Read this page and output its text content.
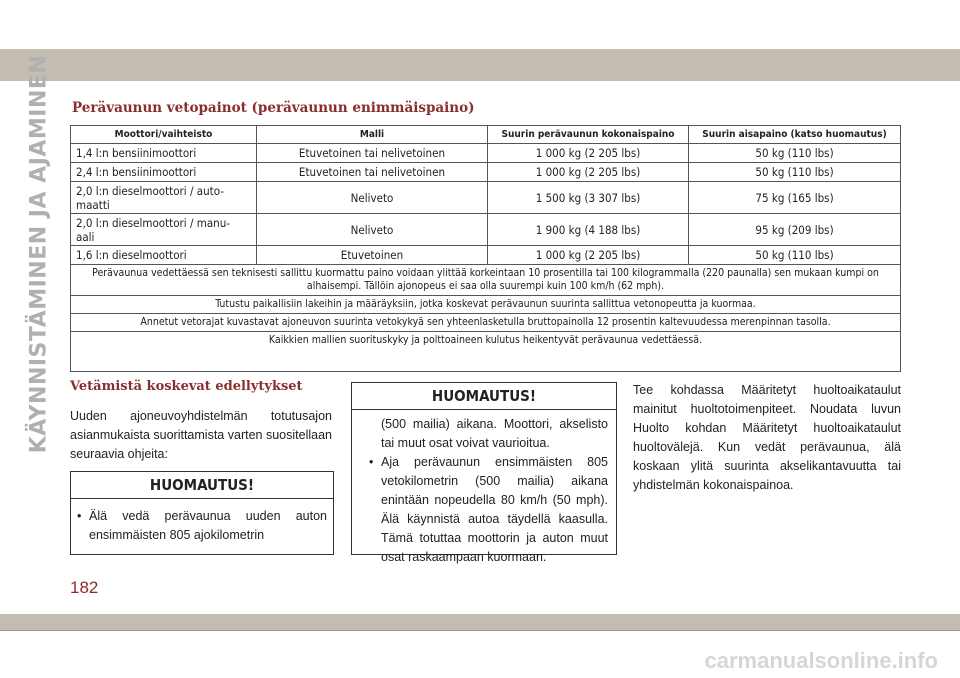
KÄYNNISTÄMINEN JA AJAMINEN Perävaunun vetopainot (perävaunun enimmäispaino)
Moottori/vaihteisto	Malli	Suurin perävaunun kokonaispaino	Suurin aisapaino (katso huomautus)
1,4 l:n bensiinimoottori	Etuvetoinen tai nelivetoinen	1 000 kg (2 205 lbs)	50 kg (110 lbs)
2,4 l:n bensiinimoottori	Etuvetoinen tai nelivetoinen	1 000 kg (2 205 lbs)	50 kg (110 lbs)
2,0 l:n dieselmoottori / auto-
maatti	Neliveto	1 500 kg (3 307 lbs)	75 kg (165 lbs)
2,0 l:n dieselmoottori / manu-
aali	Neliveto	1 900 kg (4 188 lbs)	95 kg (209 lbs)
1,6 l:n dieselmoottori	Etuvetoinen	1 000 kg (2 205 lbs)	50 kg (110 lbs)
Perävaunua vedettäessä sen teknisesti sallittu kuormattu paino voidaan ylittää korkeintaan 10 prosentilla tai 100 kilogrammalla (220 paunalla) sen mukaan kumpi on alhaisempi. Tällöin ajonopeus ei saa olla suurempi kuin 100 km/h (62 mph).			
Tutustu paikallisiin lakeihin ja määräyksiin, jotka koskevat perävaunun suurinta sallittua vetonopeutta ja kuormaa.			
Annetut vetorajat kuvastavat ajoneuvon suurinta vetokykyä sen yhteenlasketulla bruttopainolla 12 prosentin kaltevuudessa merenpinnan tasolla.			
Kaikkien mallien suorituskyky ja polttoaineen kulutus heikentyvät perävaunua vedettäessä.			
Vetämistä koskevat edellytykset

Uuden ajoneuvoyhdistelmän totutusajon asianmukaista suorittamista varten suositellaan seuraavia ohjeita:

HUOMAUTUS!
• Älä vedä perävaunua uuden auton ensimmäisten 805 ajokilometrin
HUOMAUTUS!

(500 mailia) aikana. Moottori, akselisto tai muut osat voivat vaurioitua.

• Aja perävaunun ensimmäisten 805 vetokilometrin (500 mailia) aikana enintään nopeudella 80 km/h (50 mph). Älä käynnistä autoa täydellä kaasulla. Tämä totuttaa moottorin ja auton muut osat raskaampaan kuormaan.

Tee kohdassa Määritetyt huoltoaikataulut mainitut huoltotoimenpiteet. Noudata luvun Huolto kohdan Määritetyt huoltoaikataulut huoltovälejä. Kun vedät perävaunua, älä koskaan ylitä suurinta akselikantavuutta tai yhdistelmän kokonaispainoa.

182
carmanualsonline.info
